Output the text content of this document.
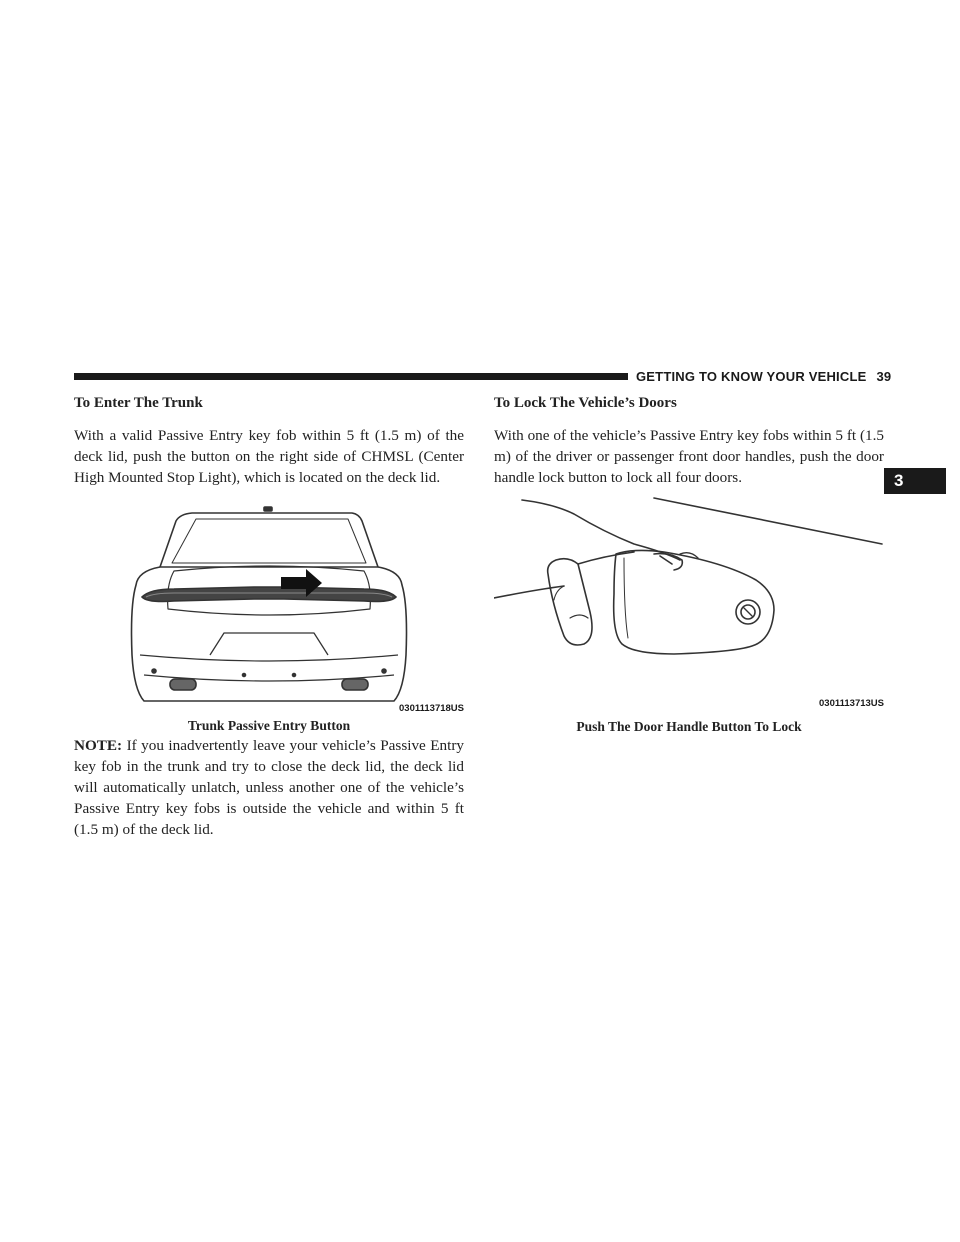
GETTING TO KNOW YOUR VEHICLE 39
3
To Enter The Trunk

With a valid Passive Entry key fob within 5 ft (1.5 m) of the deck lid, push the button on the right side of CHMSL (Center High Mounted Stop Light), which is located on the deck lid.

0301113718US
Trunk Passive Entry Button

NOTE: If you inadvertently leave your vehicle’s Passive Entry key fob in the trunk and try to close the deck lid, the deck lid will automatically unlatch, unless another one of the vehicle’s Passive Entry key fobs is outside the vehicle and within 5 ft (1.5 m) of the deck lid.

To Lock The Vehicle’s Doors

With one of the vehicle’s Passive Entry key fobs within 5 ft (1.5 m) of the driver or passenger front door handles, push the door handle lock button to lock all four doors.

0301113713US
Push The Door Handle Button To Lock
